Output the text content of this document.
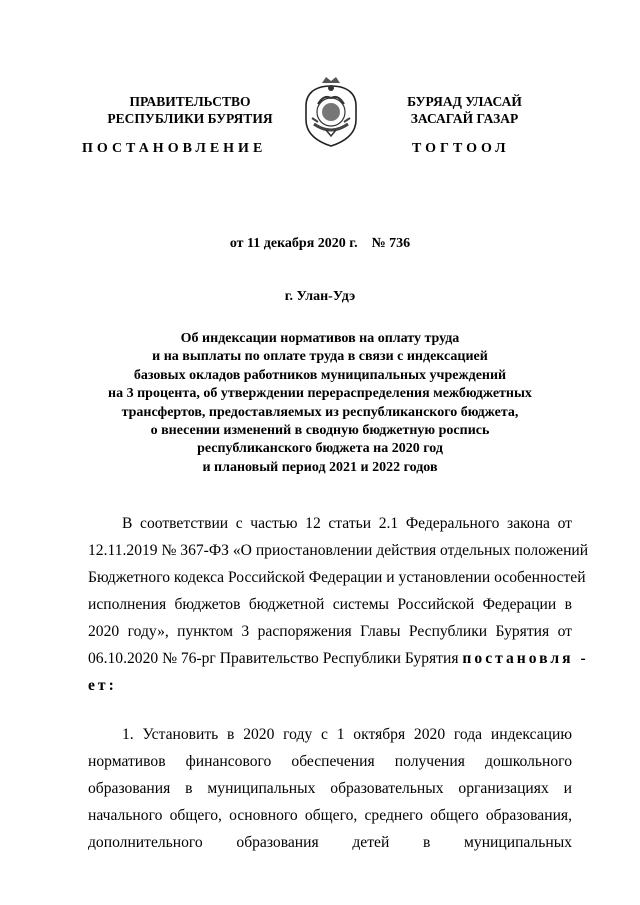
ПРАВИТЕЛЬСТВО
РЕСПУБЛИКИ БУРЯТИЯ
БУРЯАД УЛАСАЙ
ЗАСАГАЙ ГАЗАР
ПОСТАНОВЛЕНИЕ	ТОГТООЛ
от 11 декабря 2020 г.    № 736
г. Улан-Удэ
Об индексации нормативов на оплату труда
и на выплаты по оплате труда в связи с индексацией
базовых окладов работников муниципальных учреждений
на 3 процента, об утверждении перераспределения межбюджетных
трансфертов, предоставляемых из республиканского бюджета,
о внесении изменений в сводную бюджетную роспись
республиканского бюджета на 2020 год
и плановый период 2021 и 2022 годов
В соответствии с частью 12 статьи 2.1 Федерального закона от
12.11.2019 № 367-ФЗ «О приостановлении действия отдельных положений
Бюджетного кодекса Российской Федерации и установлении особенностей
исполнения бюджетов бюджетной системы Российской Федерации в
2020 году», пунктом 3 распоряжения Главы Республики Бурятия от
06.10.2020 № 76-рг Правительство Республики Бурятия постановля -
ет:
1. Установить в 2020 году с 1 октября 2020 года индексацию
нормативов финансового обеспечения получения дошкольного
образования в муниципальных образовательных организациях и
начального общего, основного общего, среднего общего образования,
дополнительного образования детей в муниципальных
